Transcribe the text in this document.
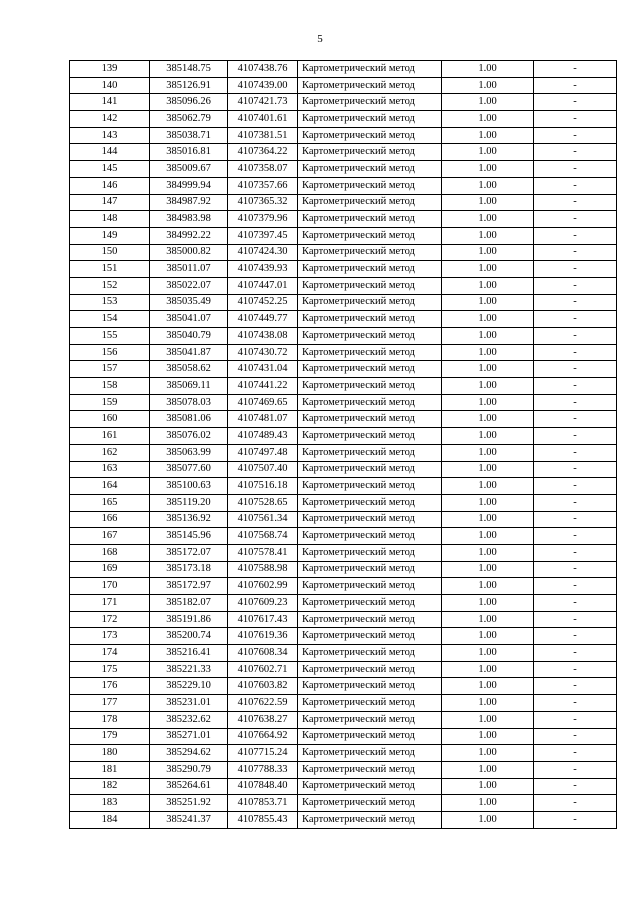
5
139	385148.75	4107438.76	Картометрический метод	1.00	-
140	385126.91	4107439.00	Картометрический метод	1.00	-
141	385096.26	4107421.73	Картометрический метод	1.00	-
142	385062.79	4107401.61	Картометрический метод	1.00	-
143	385038.71	4107381.51	Картометрический метод	1.00	-
144	385016.81	4107364.22	Картометрический метод	1.00	-
145	385009.67	4107358.07	Картометрический метод	1.00	-
146	384999.94	4107357.66	Картометрический метод	1.00	-
147	384987.92	4107365.32	Картометрический метод	1.00	-
148	384983.98	4107379.96	Картометрический метод	1.00	-
149	384992.22	4107397.45	Картометрический метод	1.00	-
150	385000.82	4107424.30	Картометрический метод	1.00	-
151	385011.07	4107439.93	Картометрический метод	1.00	-
152	385022.07	4107447.01	Картометрический метод	1.00	-
153	385035.49	4107452.25	Картометрический метод	1.00	-
154	385041.07	4107449.77	Картометрический метод	1.00	-
155	385040.79	4107438.08	Картометрический метод	1.00	-
156	385041.87	4107430.72	Картометрический метод	1.00	-
157	385058.62	4107431.04	Картометрический метод	1.00	-
158	385069.11	4107441.22	Картометрический метод	1.00	-
159	385078.03	4107469.65	Картометрический метод	1.00	-
160	385081.06	4107481.07	Картометрический метод	1.00	-
161	385076.02	4107489.43	Картометрический метод	1.00	-
162	385063.99	4107497.48	Картометрический метод	1.00	-
163	385077.60	4107507.40	Картометрический метод	1.00	-
164	385100.63	4107516.18	Картометрический метод	1.00	-
165	385119.20	4107528.65	Картометрический метод	1.00	-
166	385136.92	4107561.34	Картометрический метод	1.00	-
167	385145.96	4107568.74	Картометрический метод	1.00	-
168	385172.07	4107578.41	Картометрический метод	1.00	-
169	385173.18	4107588.98	Картометрический метод	1.00	-
170	385172.97	4107602.99	Картометрический метод	1.00	-
171	385182.07	4107609.23	Картометрический метод	1.00	-
172	385191.86	4107617.43	Картометрический метод	1.00	-
173	385200.74	4107619.36	Картометрический метод	1.00	-
174	385216.41	4107608.34	Картометрический метод	1.00	-
175	385221.33	4107602.71	Картометрический метод	1.00	-
176	385229.10	4107603.82	Картометрический метод	1.00	-
177	385231.01	4107622.59	Картометрический метод	1.00	-
178	385232.62	4107638.27	Картометрический метод	1.00	-
179	385271.01	4107664.92	Картометрический метод	1.00	-
180	385294.62	4107715.24	Картометрический метод	1.00	-
181	385290.79	4107788.33	Картометрический метод	1.00	-
182	385264.61	4107848.40	Картометрический метод	1.00	-
183	385251.92	4107853.71	Картометрический метод	1.00	-
184	385241.37	4107855.43	Картометрический метод	1.00	-
